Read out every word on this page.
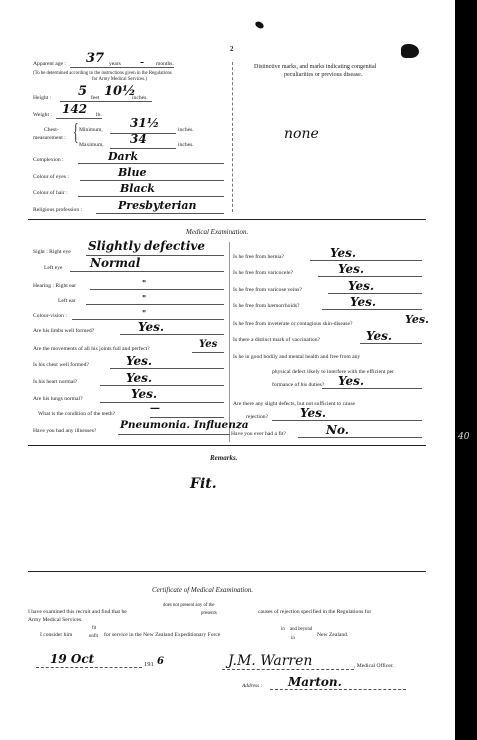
2
Apparent age : 37 years – months.
(To be determined according to the instructions given in the Regulations
for Army Medical Services.)
Height : 5 feet 10½
inches.
Weight : 142 lb.
Chest-
measurement : { Minimum, 31½	inches.
Maximum, 34	inches.
Complexion :	Dark
Colour of eyes :	Blue
Colour of hair :	Black
Religious profession :	Presbyterian
Distinctive marks, and marks indicating congenital
peculiarities or previous disease.
none
Medical Examination.
Sight : Right eye Slightly defective
Left eye Normal
Hearing : Right ear	"
Left ear	"
Colour-vision :	"
Are his limbs well formed?	Yes.
Are the movements of all his joints full and perfect?	Yes
Is his chest well formed?	Yes.
Is his heart normal?	Yes.
Are his lungs normal?	Yes.
What is the condition of the teeth?	—
Have you had any illnesses? Pneumonia. Influenza
Is he free from hernia?	Yes.
Is he free from varicocele?	Yes.
Is he free from varicose veins?	Yes.
Is he free from hæmorrhoids?	Yes.
Is he free from inveterate or contagious skin-disease?	Yes.
Is there a distinct mark of vaccination?	Yes.
Is he in good bodily and mental health and free from any
physical defect likely to interfere with the efficient per
formance of his duties? Yes.
Are there any slight defects, but not sufficient to cause
rejection?	Yes.
Have you ever had a fit?	No.
Remarks.
Fit.
Certificate of Medical Examination.
I have examined this recruit and find that he
does not present any of the
presents	causes of rejection specified in the Regulations for
Army Medical Services.
I consider him
fit
unfit for service in the New Zealand Expeditionary Force
in and beyond
in
New Zealand.
19 Oct	191 6	J.M. Warren	, Medical Officer.
Address : Marton.
40
